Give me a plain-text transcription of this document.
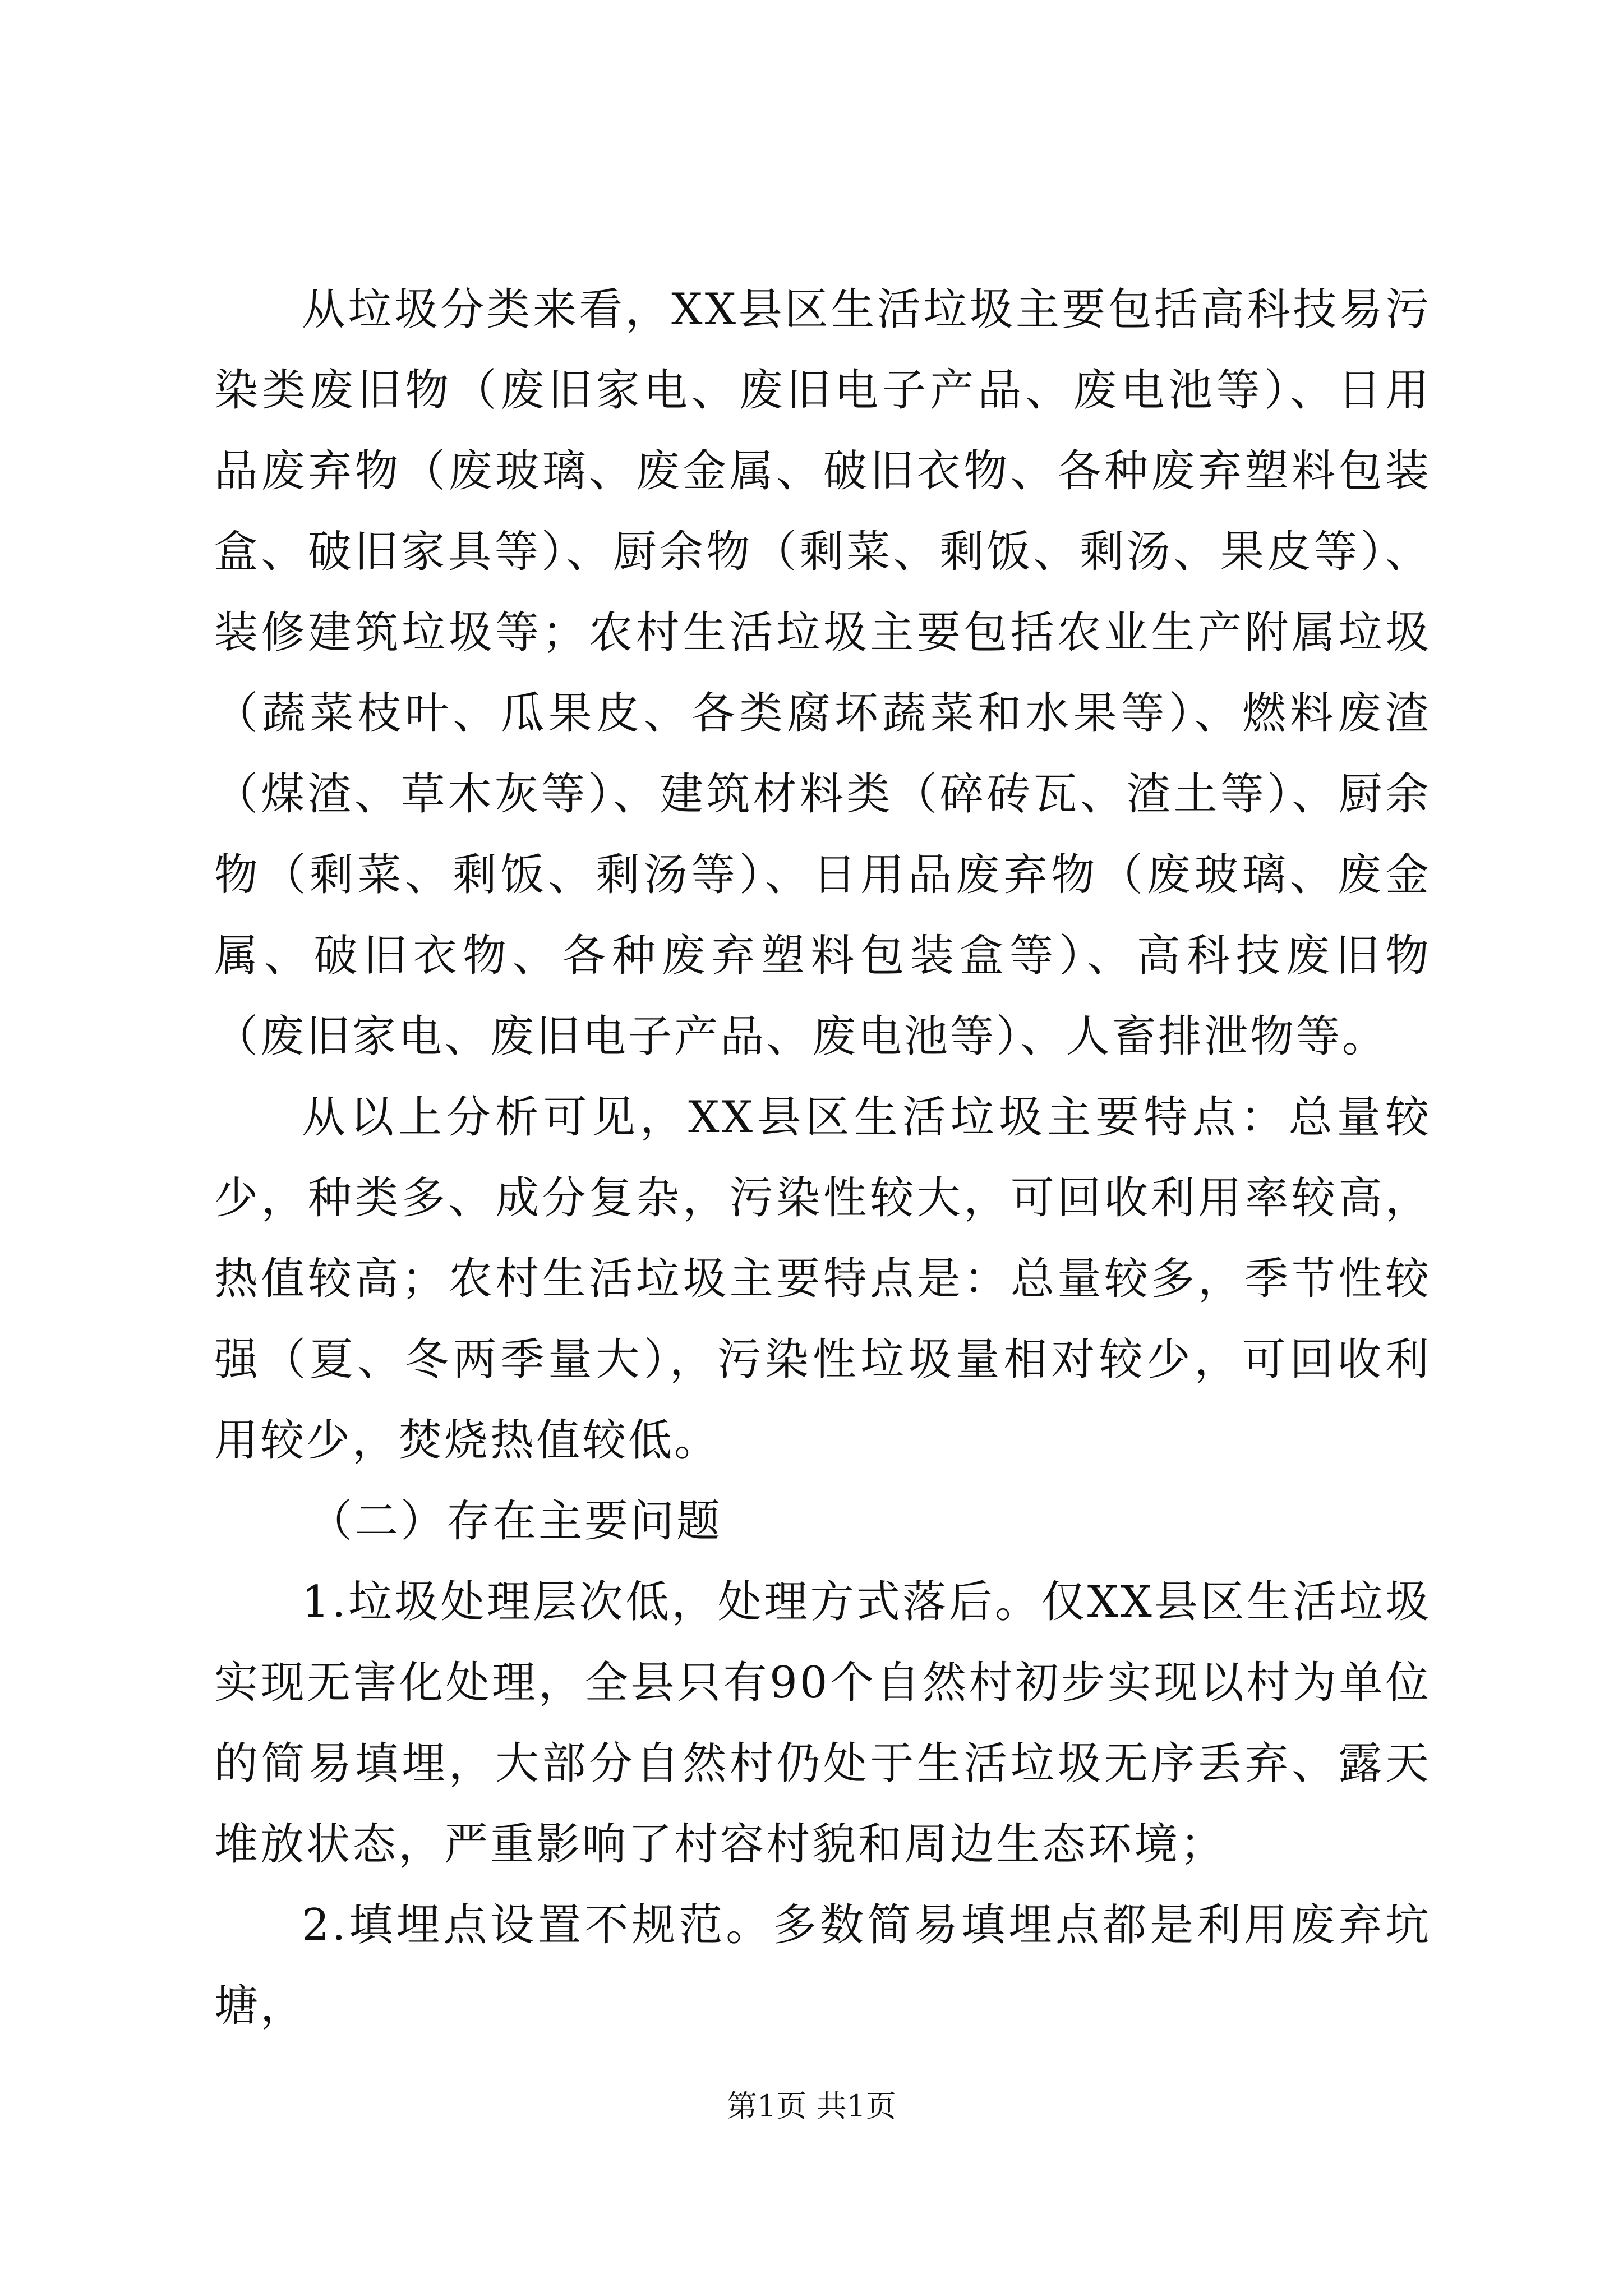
从垃圾分类来看，XX县区生活垃圾主要包括高科技易污染类废旧物（废旧家电、废旧电子产品、废电池等）、日用品废弃物（废玻璃、废金属、破旧衣物、各种废弃塑料包装盒、破旧家具等）、厨余物（剩菜、剩饭、剩汤、果皮等）、装修建筑垃圾等；农村生活垃圾主要包括农业生产附属垃圾（蔬菜枝叶、瓜果皮、各类腐坏蔬菜和水果等）、燃料废渣（煤渣、草木灰等）、建筑材料类（碎砖瓦、渣土等）、厨余物（剩菜、剩饭、剩汤等）、日用品废弃物（废玻璃、废金属、破旧衣物、各种废弃塑料包装盒等）、高科技废旧物（废旧家电、废旧电子产品、废电池等）、人畜排泄物等。

从以上分析可见，XX县区生活垃圾主要特点：总量较少，种类多、成分复杂，污染性较大，可回收利用率较高，热值较高；农村生活垃圾主要特点是：总量较多，季节性较强（夏、冬两季量大），污染性垃圾量相对较少，可回收利用较少，焚烧热值较低。

（二）存在主要问题

1.垃圾处理层次低，处理方式落后。仅XX县区生活垃圾实现无害化处理，全县只有90个自然村初步实现以村为单位的简易填埋，大部分自然村仍处于生活垃圾无序丢弃、露天堆放状态，严重影响了村容村貌和周边生态环境；

2.填埋点设置不规范。多数简易填埋点都是利用废弃坑塘，

第1页 共1页
